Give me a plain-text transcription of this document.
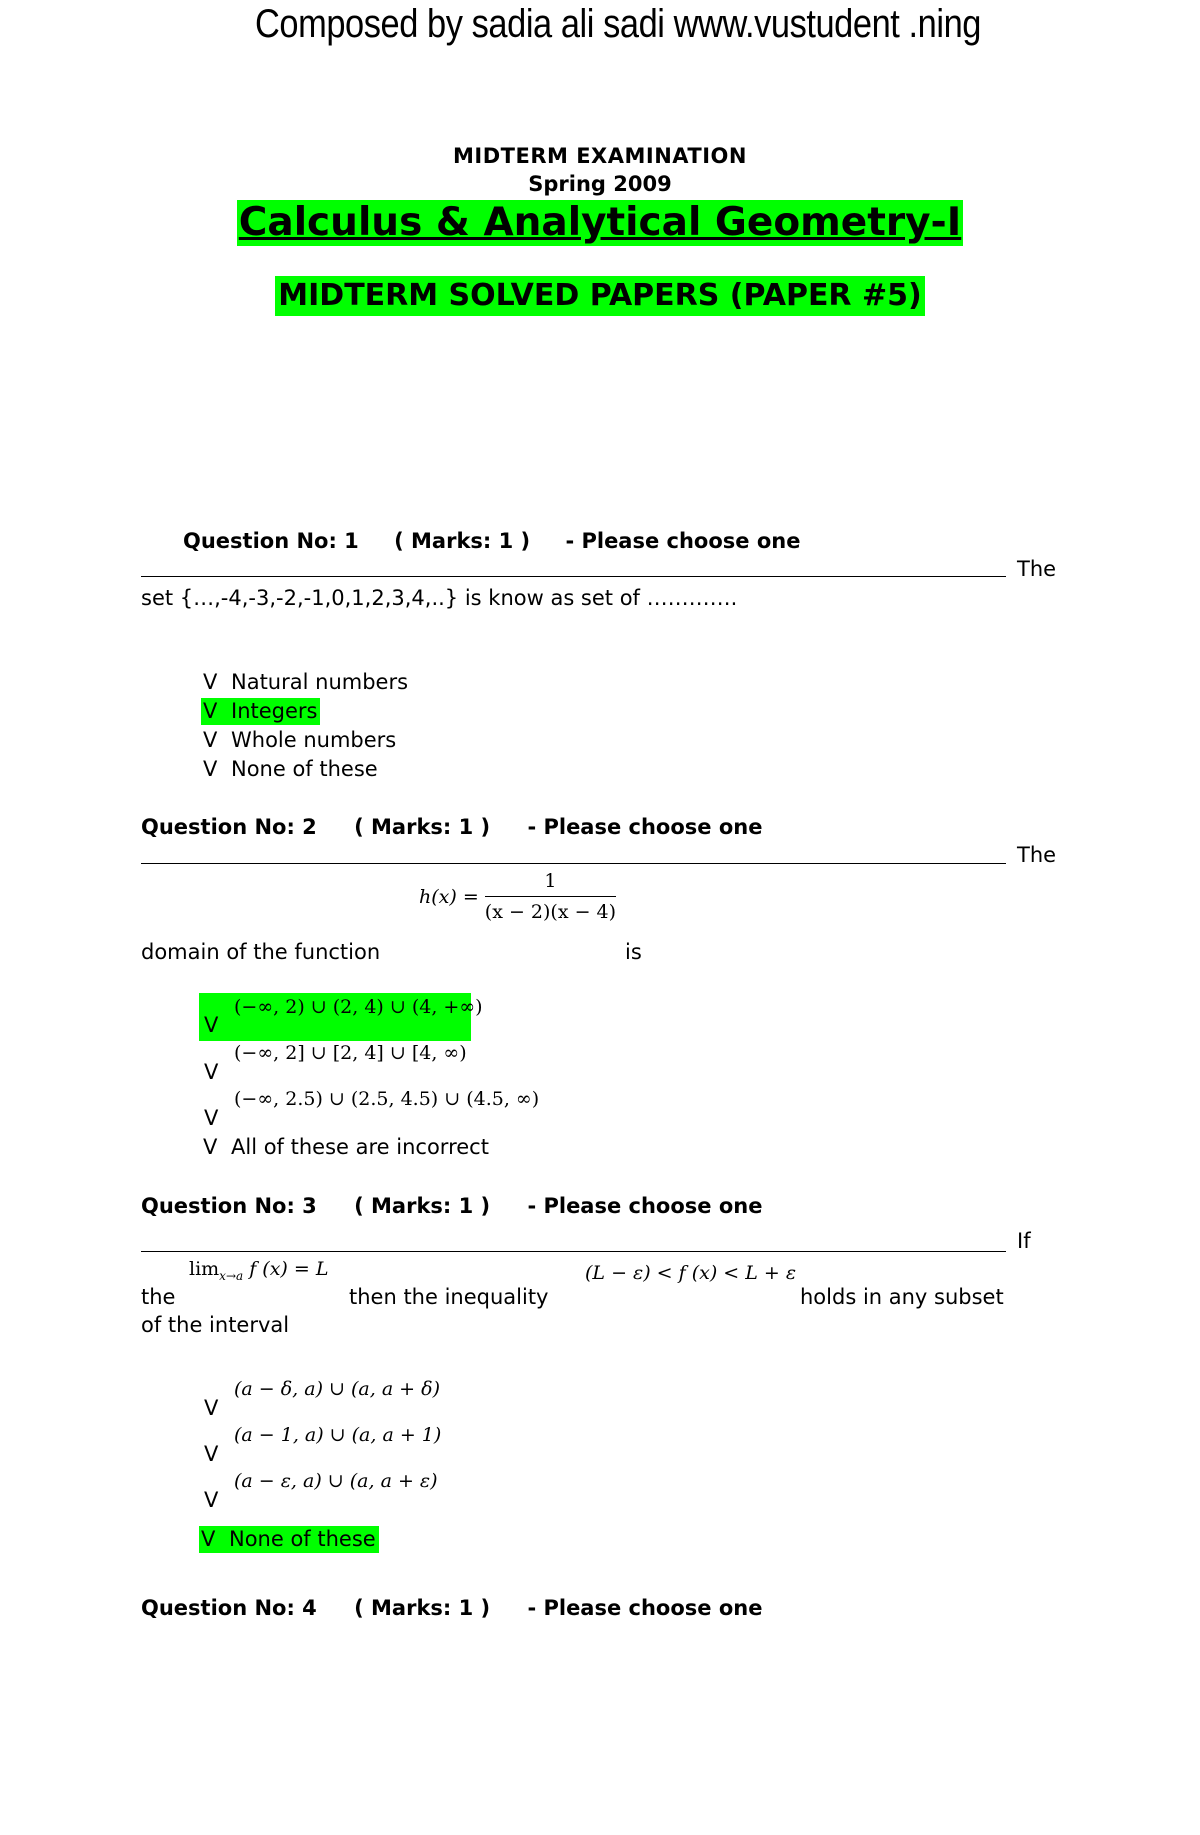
Composed by sadia ali sadi www.vustudent .ning
MIDTERM EXAMINATION
Spring 2009
Calculus & Analytical Geometry-I
MIDTERM SOLVED PAPERS (PAPER #5)
Question No: 1 ( Marks: 1 ) - Please choose one
The
set {…,-4,-3,-2,-1,0,1,2,3,4,..} is know as set of ………….
V Natural numbers
V Integers
V Whole numbers
V None of these
Question No: 2 ( Marks: 1 ) - Please choose one
The
$h(x) = \frac{1}{(x - 2)(x - 4)}$
domain of the function	is
(−∞, 2) ∪ (2, 4) ∪ (4, +∞)
V
(−∞, 2] ∪ [2, 4] ∪ [4, ∞)
V
(−∞, 2.5) ∪ (2.5, 4.5) ∪ (4.5, ∞)
V
V All of these are incorrect
Question No: 3 ( Marks: 1 ) - Please choose one
If
the
$\lim_{x\to a} f$ (x) = L
then the inequality
(L − ε) < f (x) < L + ε
holds in any subset
of the interval
(a − δ, a) ∪ (a, a + δ)
V
(a − 1, a) ∪ (a, a + 1)
V
(a − ε, a) ∪ (a, a + ε)
V
V None of these
Question No: 4 ( Marks: 1 ) - Please choose one
